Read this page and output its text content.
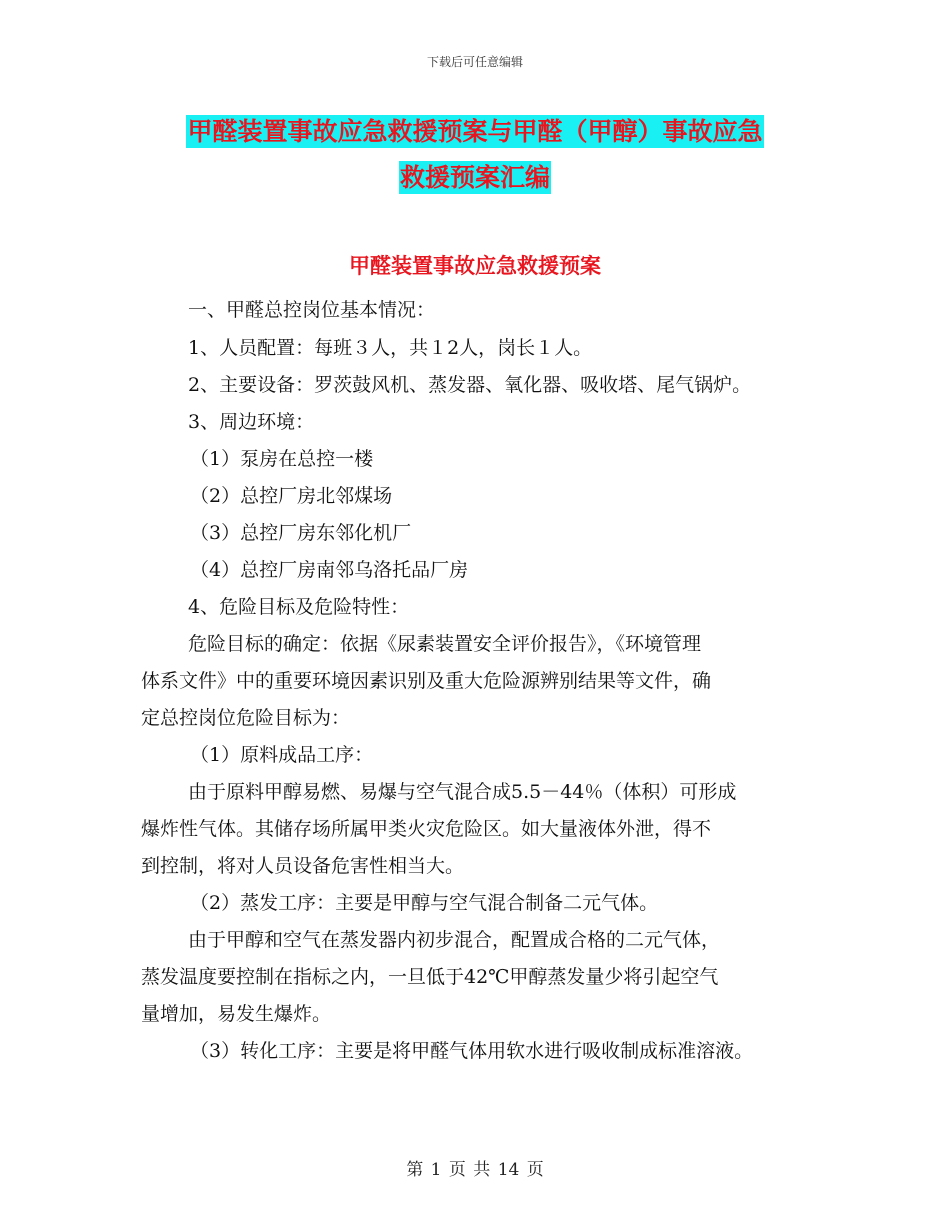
下载后可任意编辑
甲醛装置事故应急救援预案与甲醛（甲醇）事故应急
救援预案汇编
甲醛装置事故应急救援预案
一、甲醛总控岗位基本情况：
1、人员配置：每班３人，共１2人，岗长１人。
2、主要设备：罗茨鼓风机、蒸发器、氧化器、吸收塔、尾气锅炉。
3、周边环境：
（1）泵房在总控一楼
（2）总控厂房北邻煤场
（3）总控厂房东邻化机厂
（4）总控厂房南邻乌洛托品厂房
4、危险目标及危险特性：
危险目标的确定：依据《尿素装置安全评价报告》，《环境管理
体系文件》中的重要环境因素识别及重大危险源辨别结果等文件，确
定总控岗位危险目标为：
（1）原料成品工序：
由于原料甲醇易燃、易爆与空气混合成5.5－44％（体积）可形成
爆炸性气体。其储存场所属甲类火灾危险区。如大量液体外泄，得不
到控制，将对人员设备危害性相当大。
（2）蒸发工序：主要是甲醇与空气混合制备二元气体。
由于甲醇和空气在蒸发器内初步混合，配置成合格的二元气体，
蒸发温度要控制在指标之内，一旦低于42℃甲醇蒸发量少将引起空气
量增加，易发生爆炸。
（3）转化工序：主要是将甲醛气体用软水进行吸收制成标准溶液。
第 1 页 共 14 页
